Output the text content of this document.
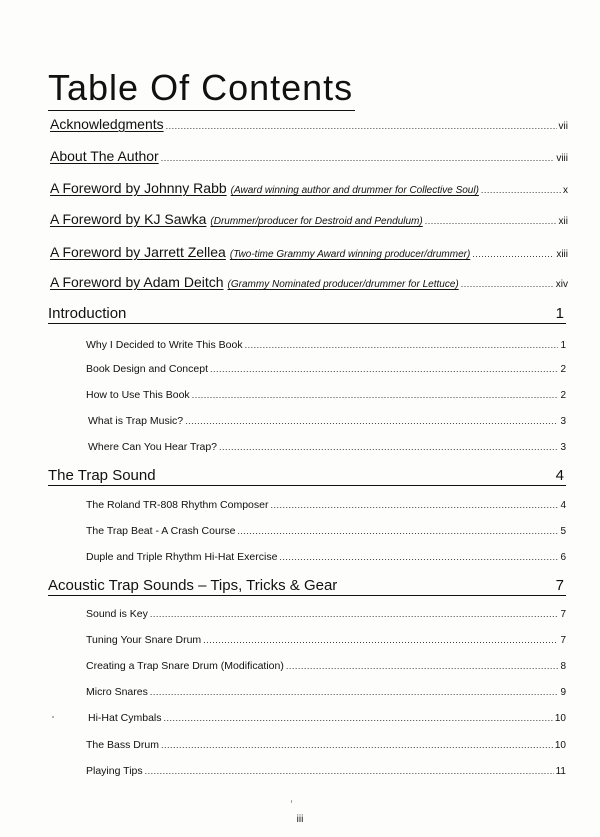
Table Of Contents
Acknowledgments .....	vii
About The Author .....	viii
A Foreword by Johnny Rabb (Award winning author and drummer for Collective Soul) .....	x
A Foreword by KJ Sawka (Drummer/producer for Destroid and Pendulum) .....	xii
A Foreword by Jarrett Zellea (Two-time Grammy Award winning producer/drummer) .....	xiii
A Foreword by Adam Deitch (Grammy Nominated producer/drummer for Lettuce) .....	xiv
Introduction	1
Why I Decided to Write This Book .....	1
Book Design and Concept .....	2
How to Use This Book .....	2
What is Trap Music? .....	3
Where Can You Hear Trap? .....	3
The Trap Sound	4
The Roland TR-808 Rhythm Composer .....	4
The Trap Beat - A Crash Course .....	5
Duple and Triple Rhythm Hi-Hat Exercise .....	6
Acoustic Trap Sounds – Tips, Tricks & Gear	7
Sound is Key .....	7
Tuning Your Snare Drum .....	7
Creating a Trap Snare Drum (Modification) .....	8
Micro Snares .....	9
Hi-Hat Cymbals .....	10
The Bass Drum .....	10
Playing Tips .....	11
iii
